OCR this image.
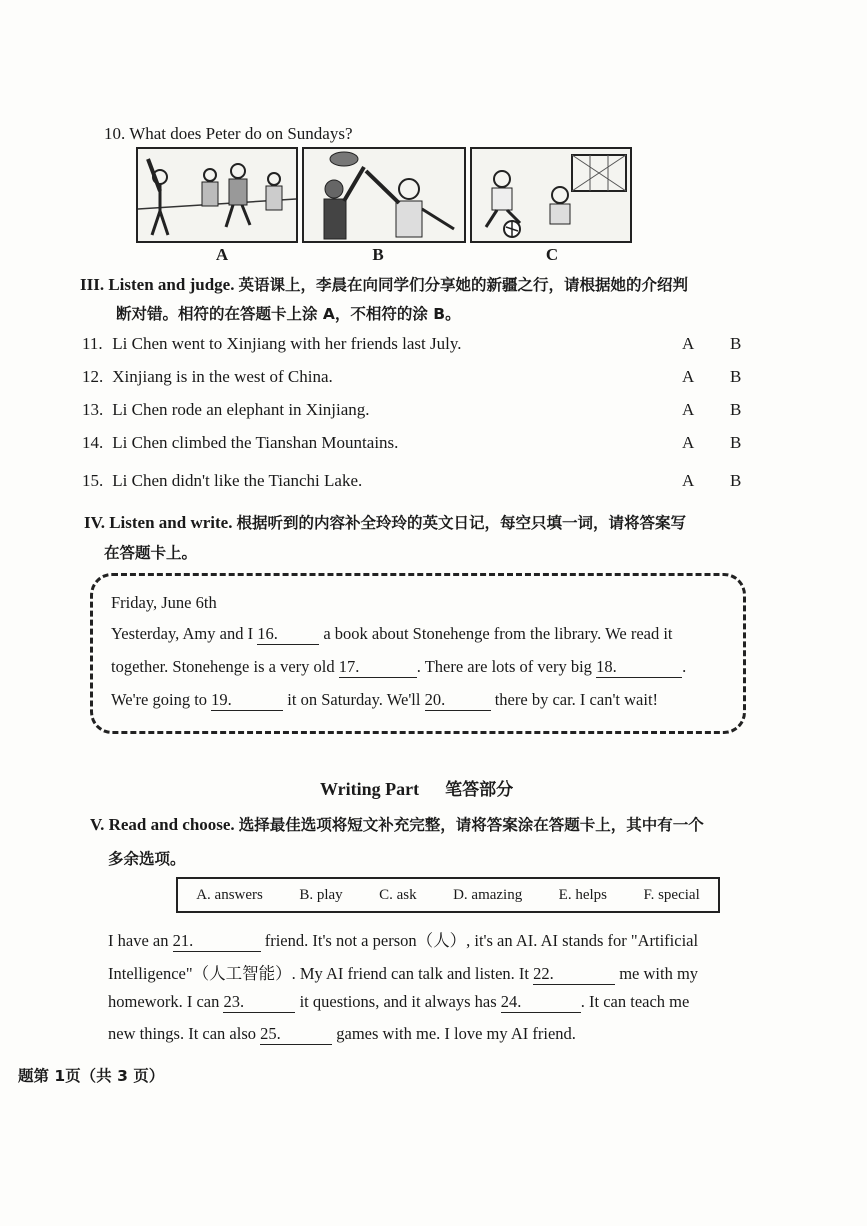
10. What does Peter do on Sundays?
A	B	C
III. Listen and judge. 英语课上，李晨在向同学们分享她的新疆之行，请根据她的介绍判
断对错。相符的在答题卡上涂 A，不相符的涂 B。
11. Li Chen went to Xinjiang with her friends last July.	A B
12. Xinjiang is in the west of China.	A B
13. Li Chen rode an elephant in Xinjiang.	A B
14. Li Chen climbed the Tianshan Mountains.	A B
15. Li Chen didn't like the Tianchi Lake.	A B
IV. Listen and write. 根据听到的内容补全玲玲的英文日记，每空只填一词，请将答案写
在答题卡上。
Friday, June 6th
Yesterday, Amy and I 16.	a book about Stonehenge from the library. We read it
together. Stonehenge is a very old 17.	. There are lots of very big 18.	.
We're going to 19.	it on Saturday. We'll 20.	there by car. I can't wait!
Writing Part 笔答部分
V. Read and choose. 选择最佳选项将短文补充完整，请将答案涂在答题卡上，其中有一个
多余选项。
A. answers B. play C. ask D. amazing E. helps F. special
I have an 21.	friend. It's not a person（人）, it's an AI. AI stands for "Artificial
Intelligence"（人工智能）. My AI friend can talk and listen. It 22.	me with my
homework. I can 23.	it questions, and it always has 24.	. It can teach me
new things. It can also 25.	games with me. I love my AI friend.
题第 1页（共 3 页）
